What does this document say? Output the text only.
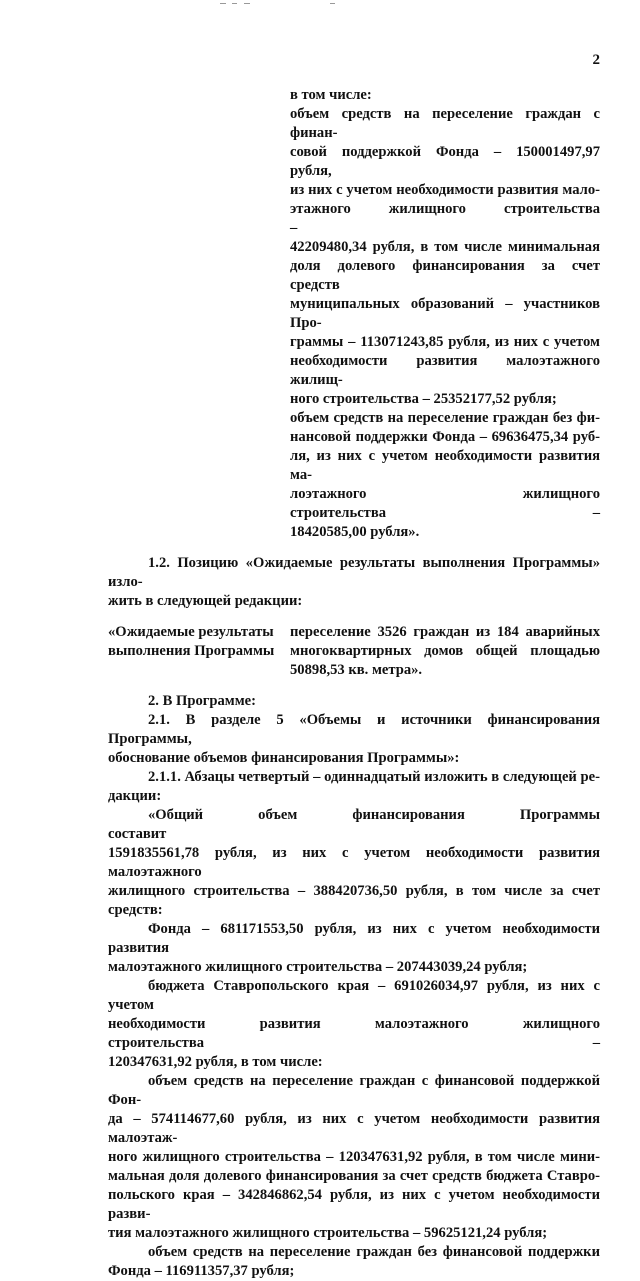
2

в том числе:

объем средств на переселение граждан с финан-

совой поддержкой Фонда – 150001497,97 рубля,

из них с учетом необходимости развития мало-

этажного жилищного строительства –

42209480,34 рубля, в том числе минимальная

доля долевого финансирования за счет средств

муниципальных образований – участников Про-

граммы – 113071243,85 рубля, из них с учетом

необходимости развития малоэтажного жилищ-

ного строительства – 25352177,52 рубля;

объем средств на переселение граждан без фи-

нансовой поддержки Фонда – 69636475,34 руб-

ля, из них с учетом необходимости развития ма-

лоэтажного жилищного строительства –

18420585,00 рубля».

1.2. Позицию «Ожидаемые результаты выполнения Программы» изло-

жить в следующей редакции:

«Ожидаемые результаты

выполнения Программы

переселение 3526 граждан из 184 аварийных

многоквартирных домов общей площадью

50898,53 кв. метра».

2. В Программе:

2.1. В разделе 5 «Объемы и источники финансирования Программы,

обоснование объемов финансирования Программы»:

2.1.1. Абзацы четвертый – одиннадцатый изложить в следующей ре-

дакции:

«Общий объем финансирования Программы составит

1591835561,78 рубля, из них с учетом необходимости развития малоэтажного

жилищного строительства – 388420736,50 рубля, в том числе за счет средств:

Фонда – 681171553,50 рубля, из них с учетом необходимости развития

малоэтажного жилищного строительства – 207443039,24 рубля;

бюджета Ставропольского края – 691026034,97 рубля, из них с учетом

необходимости развития малоэтажного жилищного строительства –

120347631,92 рубля, в том числе:

объем средств на переселение граждан с финансовой поддержкой Фон-

да – 574114677,60 рубля, из них с учетом необходимости развития малоэтаж-

ного жилищного строительства – 120347631,92 рубля, в том числе мини-

мальная доля долевого финансирования за счет средств бюджета Ставро-

польского края – 342846862,54 рубля, из них с учетом необходимости разви-

тия малоэтажного жилищного строительства – 59625121,24 рубля;

объем средств на переселение граждан без финансовой поддержки

Фонда – 116911357,37 рубля;
